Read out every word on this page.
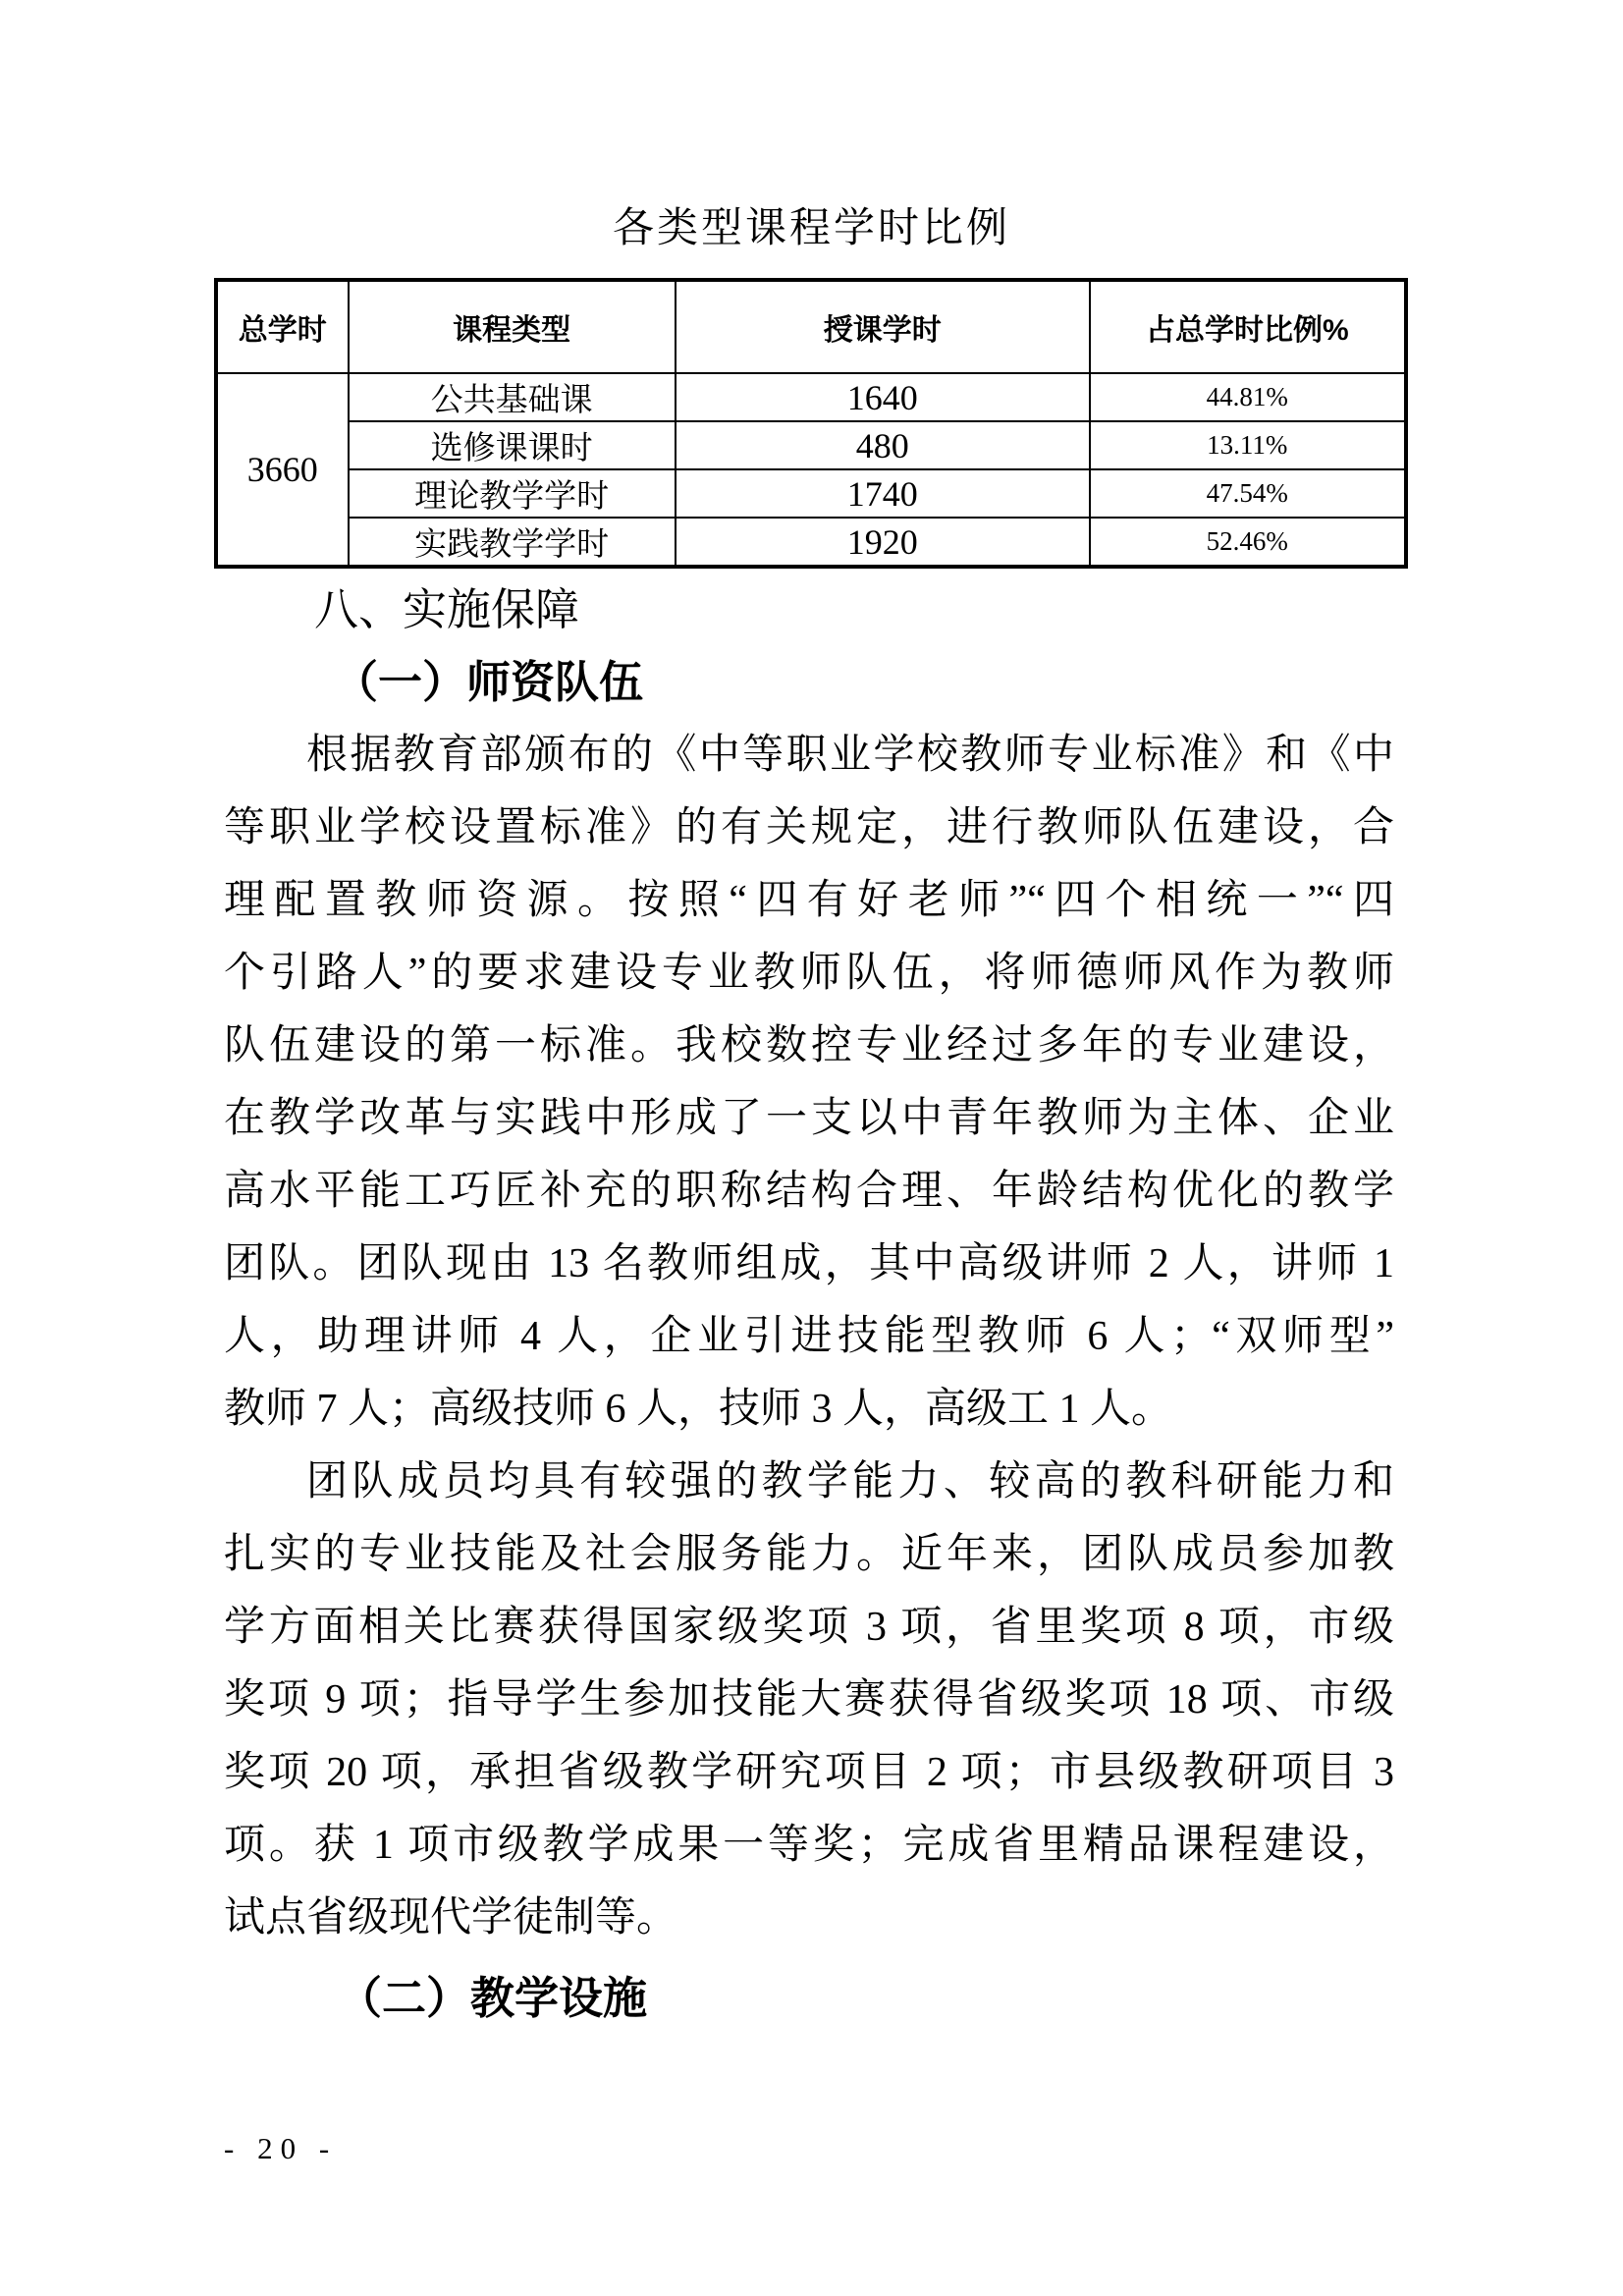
各类型课程学时比例
总学时	课程类型	授课学时	占总学时比例%
3660	公共基础课	1640	44.81%
	选修课课时	480	13.11%
	理论教学学时	1740	47.54%
	实践教学学时	1920	52.46%
八、实施保障
（一）师资队伍
根据教育部颁布的《中等职业学校教师专业标准》和《中
等职业学校设置标准》的有关规定，进行教师队伍建设，合
理配置教师资源。按照“四有好老师”“四个相统一”“四
个引路人”的要求建设专业教师队伍，将师德师风作为教师
队伍建设的第一标准。我校数控专业经过多年的专业建设，
在教学改革与实践中形成了一支以中青年教师为主体、企业
高水平能工巧匠补充的职称结构合理、年龄结构优化的教学
团队。团队现由 13 名教师组成，其中高级讲师 2 人，讲师 1
人，助理讲师 4 人，企业引进技能型教师 6 人；“双师型”
教师 7 人；高级技师 6 人，技师 3 人，高级工 1 人。
团队成员均具有较强的教学能力、较高的教科研能力和
扎实的专业技能及社会服务能力。近年来，团队成员参加教
学方面相关比赛获得国家级奖项 3 项，省里奖项 8 项，市级
奖项 9 项；指导学生参加技能大赛获得省级奖项 18 项、市级
奖项 20 项，承担省级教学研究项目 2 项；市县级教研项目 3
项。获 1 项市级教学成果一等奖；完成省里精品课程建设，
试点省级现代学徒制等。
（二）教学设施
- 20 -
